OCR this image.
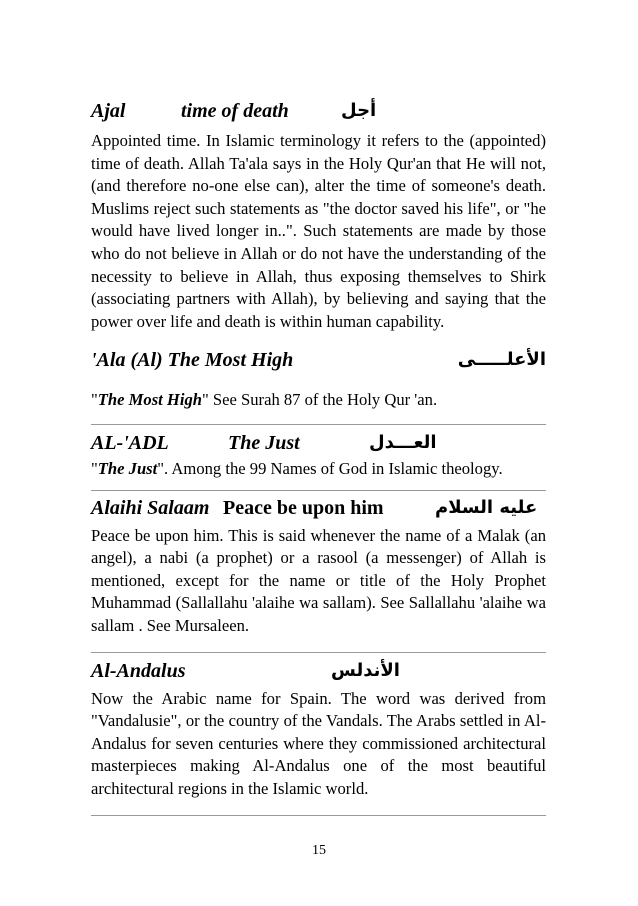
Ajal	time of death	أجل

Appointed time. In Islamic terminology it refers to the (appointed) time of death. Allah Ta'ala says in the Holy Qur'an that He will not, (and therefore no-one else can), alter the time of someone's death. Muslims reject such statements as "the doctor saved his life", or "he would have lived longer in..". Such statements are made by those who do not believe in Allah or do not have the understanding of the necessity to believe in Allah, thus exposing themselves to Shirk (associating partners with Allah), by believing and saying that the power over life and death is within human capability.

'Ala (Al) The Most High	الأعلـــــى

"The Most High" See Surah 87 of the Holy Qur 'an.

AL-'ADL	The Just	العـــدل

"The Just". Among the 99 Names of God in Islamic theology.

Alaihi Salaam Peace be upon him	عليه السلام

Peace be upon him. This is said whenever the name of a Malak (an angel), a nabi (a prophet) or a rasool (a messenger) of Allah is mentioned, except for the name or title of the Holy Prophet Muhammad (Sallallahu 'alaihe wa sallam). See Sallallahu 'alaihe wa sallam . See Mursaleen.

Al-Andalus	الأندلس

Now the Arabic name for Spain. The word was derived from "Vandalusie", or the country of the Vandals. The Arabs settled in Al-Andalus for seven centuries where they commissioned architectural masterpieces making Al-Andalus one of the most beautiful architectural regions in the Islamic world.

15
